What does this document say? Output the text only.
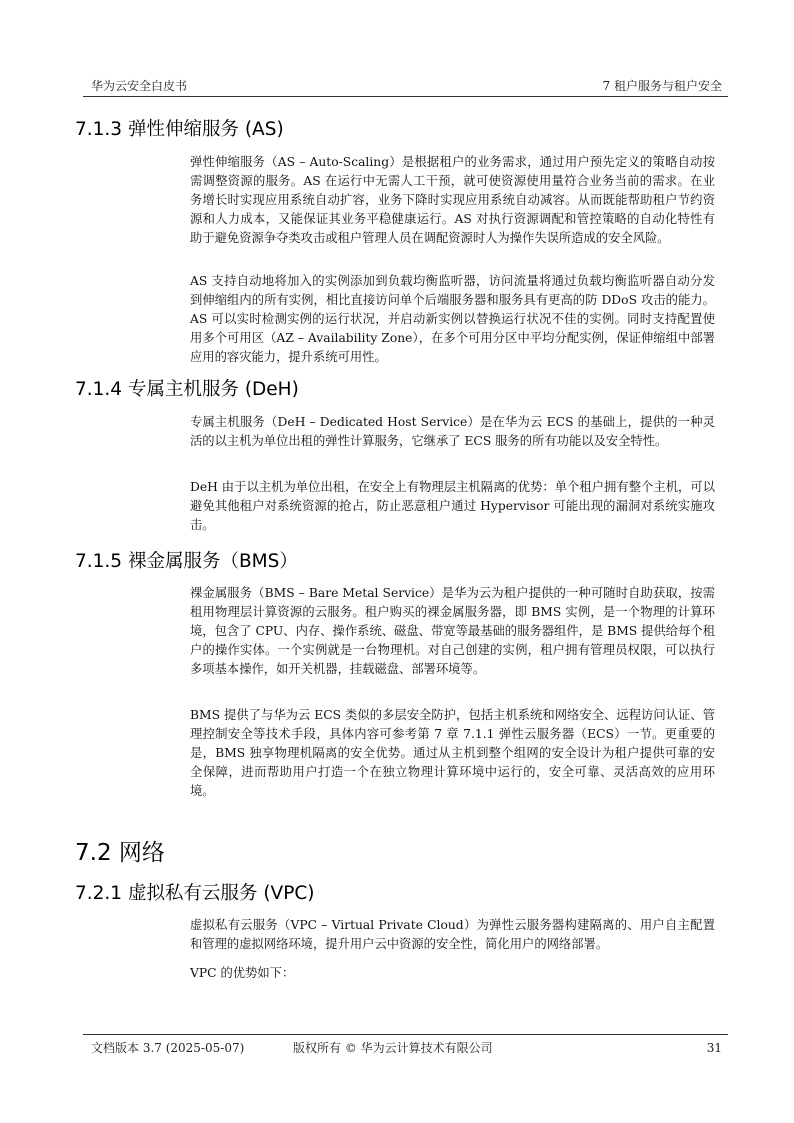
华为云安全白皮书	7 租户服务与租户安全
7.1.3 弹性伸缩服务 (AS)
弹性伸缩服务（AS – Auto-Scaling）是根据租户的业务需求，通过用户预先定义的策略自动按需调整资源的服务。AS 在运行中无需人工干预，就可使资源使用量符合业务当前的需求。在业务增长时实现应用系统自动扩容，业务下降时实现应用系统自动减容。从而既能帮助租户节约资源和人力成本，又能保证其业务平稳健康运行。AS 对执行资源调配和管控策略的自动化特性有助于避免资源争夺类攻击或租户管理人员在调配资源时人为操作失误所造成的安全风险。
AS 支持自动地将加入的实例添加到负载均衡监听器，访问流量将通过负载均衡监听器自动分发到伸缩组内的所有实例，相比直接访问单个后端服务器和服务具有更高的防 DDoS 攻击的能力。AS 可以实时检测实例的运行状况，并启动新实例以替换运行状况不佳的实例。同时支持配置使用多个可用区（AZ – Availability Zone），在多个可用分区中平均分配实例，保证伸缩组中部署应用的容灾能力，提升系统可用性。
7.1.4 专属主机服务 (DeH)
专属主机服务（DeH – Dedicated Host Service）是在华为云 ECS 的基础上，提供的一种灵活的以主机为单位出租的弹性计算服务，它继承了 ECS 服务的所有功能以及安全特性。
DeH 由于以主机为单位出租，在安全上有物理层主机隔离的优势：单个租户拥有整个主机，可以避免其他租户对系统资源的抢占，防止恶意租户通过 Hypervisor 可能出现的漏洞对系统实施攻击。
7.1.5 裸金属服务（BMS）
裸金属服务（BMS – Bare Metal Service）是华为云为租户提供的一种可随时自助获取，按需租用物理层计算资源的云服务。租户购买的裸金属服务器，即 BMS 实例，是一个物理的计算环境，包含了 CPU、内存、操作系统、磁盘、带宽等最基础的服务器组件，是 BMS 提供给每个租户的操作实体。一个实例就是一台物理机。对自己创建的实例，租户拥有管理员权限，可以执行多项基本操作，如开关机器，挂载磁盘、部署环境等。
BMS 提供了与华为云 ECS 类似的多层安全防护，包括主机系统和网络安全、远程访问认证、管理控制安全等技术手段，具体内容可参考第 7 章 7.1.1 弹性云服务器（ECS）一节。更重要的是，BMS 独享物理机隔离的安全优势。通过从主机到整个组网的安全设计为租户提供可靠的安全保障，进而帮助用户打造一个在独立物理计算环境中运行的，安全可靠、灵活高效的应用环境。
7.2 网络
7.2.1 虚拟私有云服务 (VPC)
虚拟私有云服务（VPC – Virtual Private Cloud）为弹性云服务器构建隔离的、用户自主配置和管理的虚拟网络环境，提升用户云中资源的安全性，简化用户的网络部署。
VPC 的优势如下：
文档版本 3.7 (2025-05-07)	版权所有 © 华为云计算技术有限公司	31
